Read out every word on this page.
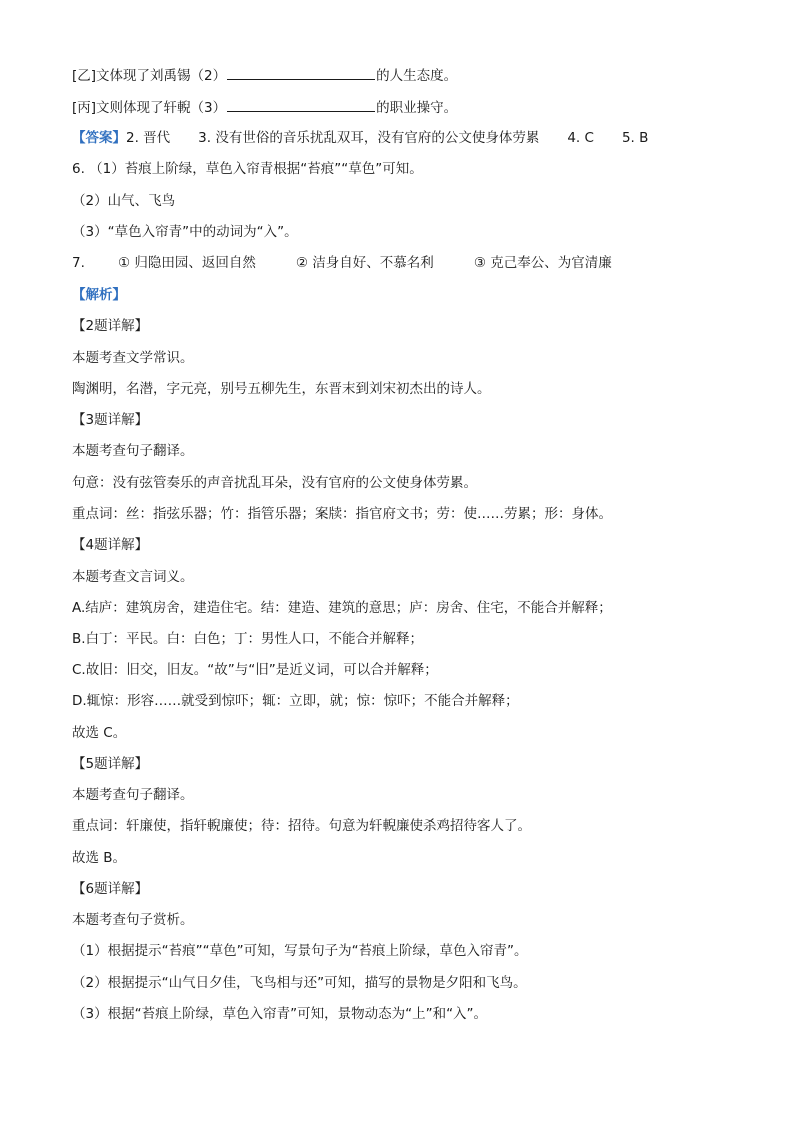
[乙]文体现了刘禹锡（2）	的人生态度。
[丙]文则体现了轩輗（3）	的职业操守。
【答案】2. 晋代 3. 没有世俗的音乐扰乱双耳，没有官府的公文使身体劳累 4. C 5. B
6. （1）苔痕上阶绿，草色入帘青根据“苔痕”“草色”可知。
（2）山气、飞鸟
（3）“草色入帘青”中的动词为“入”。
7. ① 归隐田园、返回自然	② 洁身自好、不慕名利	③ 克己奉公、为官清廉
【解析】
【2题详解】
本题考查文学常识。
陶渊明，名潜，字元亮，别号五柳先生，东晋末到刘宋初杰出的诗人。
【3题详解】
本题考查句子翻译。
句意：没有弦管奏乐的声音扰乱耳朵，没有官府的公文使身体劳累。
重点词：丝：指弦乐器；竹：指管乐器；案牍：指官府文书；劳：使……劳累；形：身体。
【4题详解】
本题考查文言词义。
A.结庐：建筑房舍，建造住宅。结：建造、建筑的意思；庐：房舍、住宅，不能合并解释；
B.白丁：平民。白：白色；丁：男性人口，不能合并解释；
C.故旧：旧交，旧友。“故”与“旧”是近义词，可以合并解释；
D.辄惊：形容……就受到惊吓；辄：立即，就；惊：惊吓；不能合并解释；
故选 C。
【5题详解】
本题考查句子翻译。
重点词：轩廉使，指轩輗廉使；待：招待。句意为轩輗廉使杀鸡招待客人了。
故选 B。
【6题详解】
本题考查句子赏析。
（1）根据提示“苔痕”“草色”可知，写景句子为“苔痕上阶绿，草色入帘青”。
（2）根据提示“山气日夕佳，飞鸟相与还”可知，描写的景物是夕阳和飞鸟。
（3）根据“苔痕上阶绿，草色入帘青”可知，景物动态为“上”和“入”。
